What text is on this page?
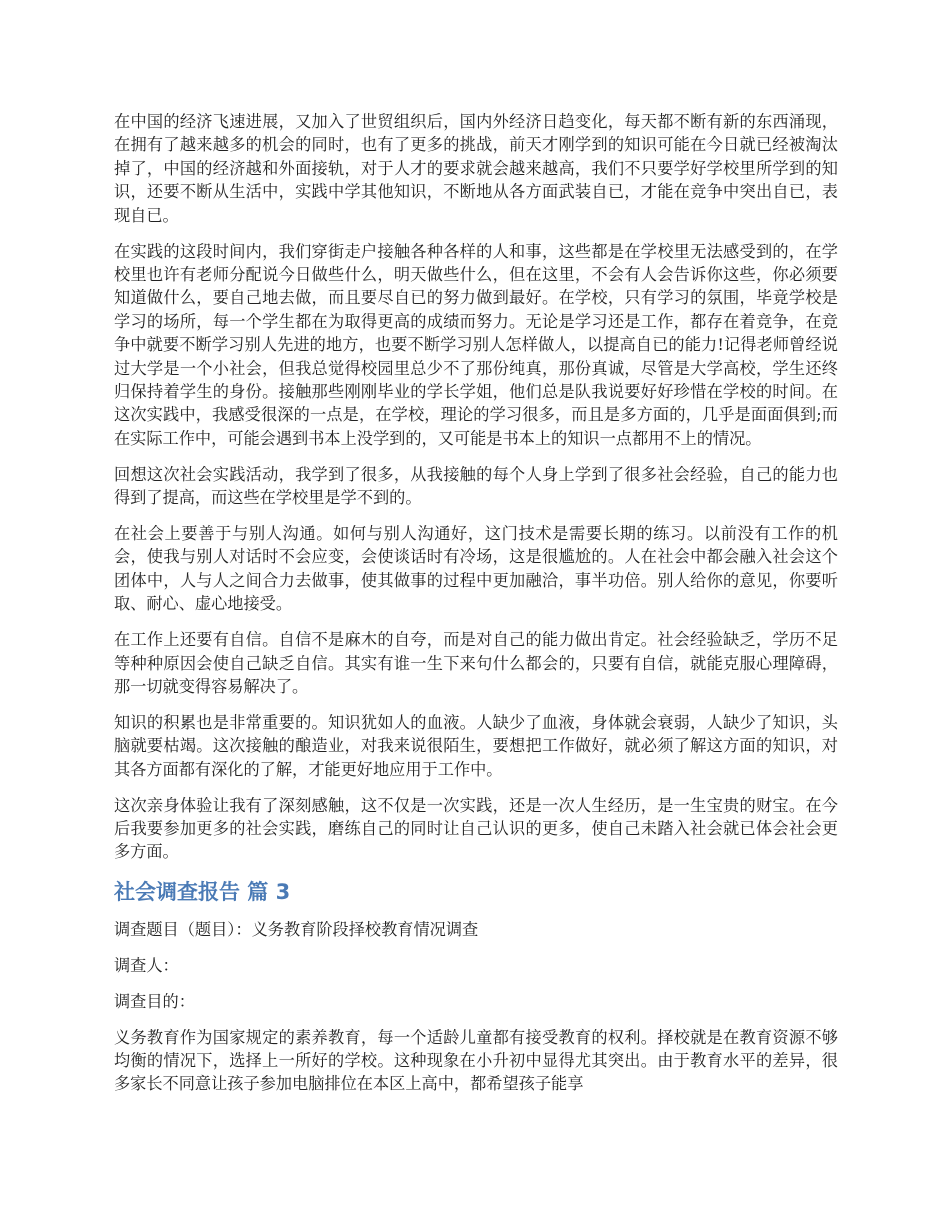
在中国的经济飞速进展，又加入了世贸组织后，国内外经济日趋变化，每天都不断有新的东西涌现，在拥有了越来越多的机会的同时，也有了更多的挑战，前天才刚学到的知识可能在今日就已经被淘汰掉了，中国的经济越和外面接轨，对于人才的要求就会越来越高，我们不只要学好学校里所学到的知识，还要不断从生活中，实践中学其他知识，不断地从各方面武装自已，才能在竞争中突出自已，表现自已。

在实践的这段时间内，我们穿街走户接触各种各样的人和事，这些都是在学校里无法感受到的，在学校里也许有老师分配说今日做些什么，明天做些什么，但在这里，不会有人会告诉你这些，你必须要知道做什么，要自己地去做，而且要尽自已的努力做到最好。在学校，只有学习的氛围，毕竟学校是学习的场所，每一个学生都在为取得更高的成绩而努力。无论是学习还是工作，都存在着竞争，在竞争中就要不断学习别人先进的地方，也要不断学习别人怎样做人，以提高自已的能力!记得老师曾经说过大学是一个小社会，但我总觉得校园里总少不了那份纯真，那份真诚，尽管是大学高校，学生还终归保持着学生的身份。接触那些刚刚毕业的学长学姐，他们总是队我说要好好珍惜在学校的时间。在这次实践中，我感受很深的一点是，在学校，理论的学习很多，而且是多方面的，几乎是面面俱到;而在实际工作中，可能会遇到书本上没学到的，又可能是书本上的知识一点都用不上的情况。

回想这次社会实践活动，我学到了很多，从我接触的每个人身上学到了很多社会经验，自己的能力也得到了提高，而这些在学校里是学不到的。

在社会上要善于与别人沟通。如何与别人沟通好，这门技术是需要长期的练习。以前没有工作的机会，使我与别人对话时不会应变，会使谈话时有冷场，这是很尴尬的。人在社会中都会融入社会这个团体中，人与人之间合力去做事，使其做事的过程中更加融洽，事半功倍。别人给你的意见，你要听取、耐心、虚心地接受。

在工作上还要有自信。自信不是麻木的自夸，而是对自己的能力做出肯定。社会经验缺乏，学历不足等种种原因会使自己缺乏自信。其实有谁一生下来句什么都会的，只要有自信，就能克服心理障碍，那一切就变得容易解决了。

知识的积累也是非常重要的。知识犹如人的血液。人缺少了血液，身体就会衰弱，人缺少了知识，头脑就要枯竭。这次接触的酿造业，对我来说很陌生，要想把工作做好，就必须了解这方面的知识，对其各方面都有深化的了解，才能更好地应用于工作中。

这次亲身体验让我有了深刻感触，这不仅是一次实践，还是一次人生经历，是一生宝贵的财宝。在今后我要参加更多的社会实践，磨练自己的同时让自己认识的更多，使自己未踏入社会就已体会社会更多方面。

社会调查报告 篇 3

调查题目（题目）：义务教育阶段择校教育情况调查

调查人：

调查目的：

义务教育作为国家规定的素养教育，每一个适龄儿童都有接受教育的权利。择校就是在教育资源不够均衡的情况下，选择上一所好的学校。这种现象在小升初中显得尤其突出。由于教育水平的差异，很多家长不同意让孩子参加电脑排位在本区上高中，都希望孩子能享
